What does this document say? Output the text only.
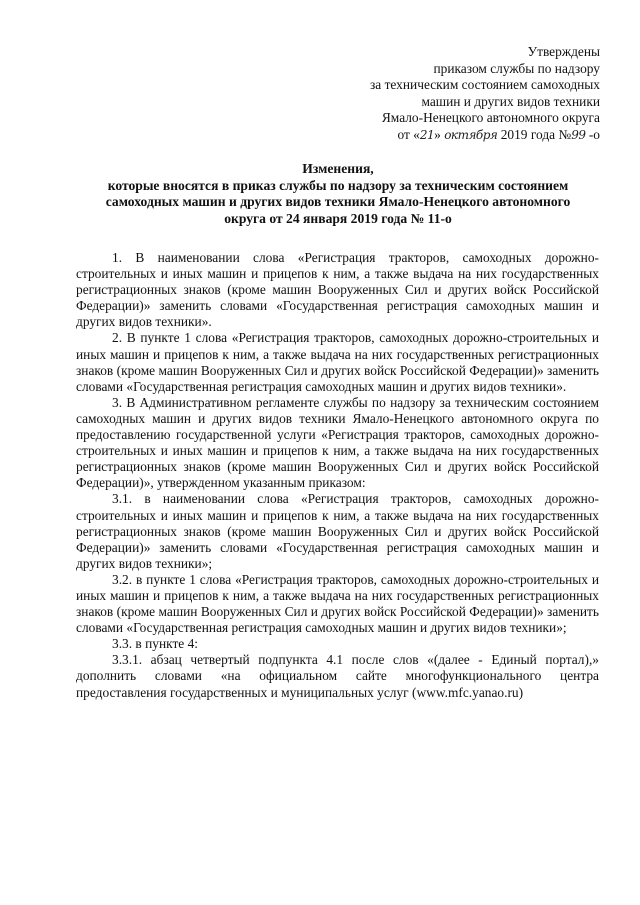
Утверждены
приказом службы по надзору
за техническим состоянием самоходных
машин и других видов техники
Ямало-Ненецкого автономного округа
от «21» октября 2019 года №99 -о
Изменения,
которые вносятся в приказ службы по надзору за техническим состоянием
самоходных машин и других видов техники Ямало-Ненецкого автономного
округа от 24 января 2019 года № 11-о

1. В наименовании слова «Регистрация тракторов, самоходных дорожно-строительных и иных машин и прицепов к ним, а также выдача на них государственных регистрационных знаков (кроме машин Вооруженных Сил и других войск Российской Федерации)» заменить словами «Государственная регистрация самоходных машин и других видов техники».

2. В пункте 1 слова «Регистрация тракторов, самоходных дорожно-строительных и иных машин и прицепов к ним, а также выдача на них государственных регистрационных знаков (кроме машин Вооруженных Сил и других войск Российской Федерации)» заменить словами «Государственная регистрация самоходных машин и других видов техники».

3. В Административном регламенте службы по надзору за техническим состоянием самоходных машин и других видов техники Ямало-Ненецкого автономного округа по предоставлению государственной услуги «Регистрация тракторов, самоходных дорожно-строительных и иных машин и прицепов к ним, а также выдача на них государственных регистрационных знаков (кроме машин Вооруженных Сил и других войск Российской Федерации)», утвержденном указанным приказом:

3.1. в наименовании слова «Регистрация тракторов, самоходных дорожно-строительных и иных машин и прицепов к ним, а также выдача на них государственных регистрационных знаков (кроме машин Вооруженных Сил и других войск Российской Федерации)» заменить словами «Государственная регистрация самоходных машин и других видов техники»;

3.2. в пункте 1 слова «Регистрация тракторов, самоходных дорожно-строительных и иных машин и прицепов к ним, а также выдача на них государственных регистрационных знаков (кроме машин Вооруженных Сил и других войск Российской Федерации)» заменить словами «Государственная регистрация самоходных машин и других видов техники»;

3.3. в пункте 4:

3.3.1. абзац четвертый подпункта 4.1 после слов «(далее - Единый портал),» дополнить словами «на официальном сайте многофункционального центра предоставления государственных и муниципальных услуг (www.mfc.yanao.ru)
